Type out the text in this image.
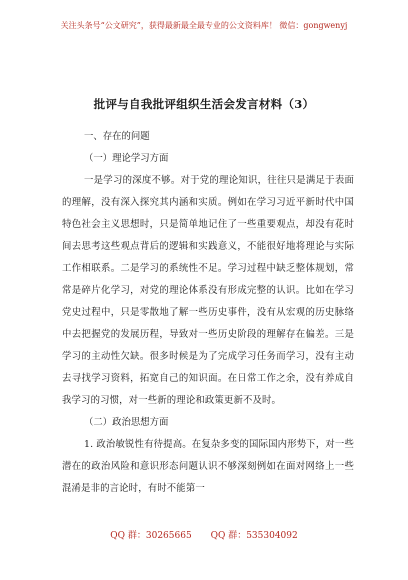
关注头条号“公文研究”，获得最新最全最专业的公文资料库！ 微信：gongwenyj
批评与自我批评组织生活会发言材料（3）
一、存在的问题
（一）理论学习方面
一是学习的深度不够。对于党的理论知识，往往只是满足于表面的理解，没有深入探究其内涵和实质。例如在学习习近平新时代中国特色社会主义思想时，只是简单地记住了一些重要观点，却没有花时间去思考这些观点背后的逻辑和实践意义，不能很好地将理论与实际工作相联系。二是学习的系统性不足。学习过程中缺乏整体规划，常常是碎片化学习，对党的理论体系没有形成完整的认识。比如在学习党史过程中，只是零散地了解一些历史事件，没有从宏观的历史脉络中去把握党的发展历程，导致对一些历史阶段的理解存在偏差。三是学习的主动性欠缺。很多时候是为了完成学习任务而学习，没有主动去寻找学习资料，拓宽自己的知识面。在日常工作之余，没有养成自我学习的习惯，对一些新的理论和政策更新不及时。
（二）政治思想方面
1. 政治敏锐性有待提高。在复杂多变的国际国内形势下，对一些潜在的政治风险和意识形态问题认识不够深刻例如在面对网络上一些混淆是非的言论时，有时不能第一
QQ 群：30265665 QQ 群：535304092
